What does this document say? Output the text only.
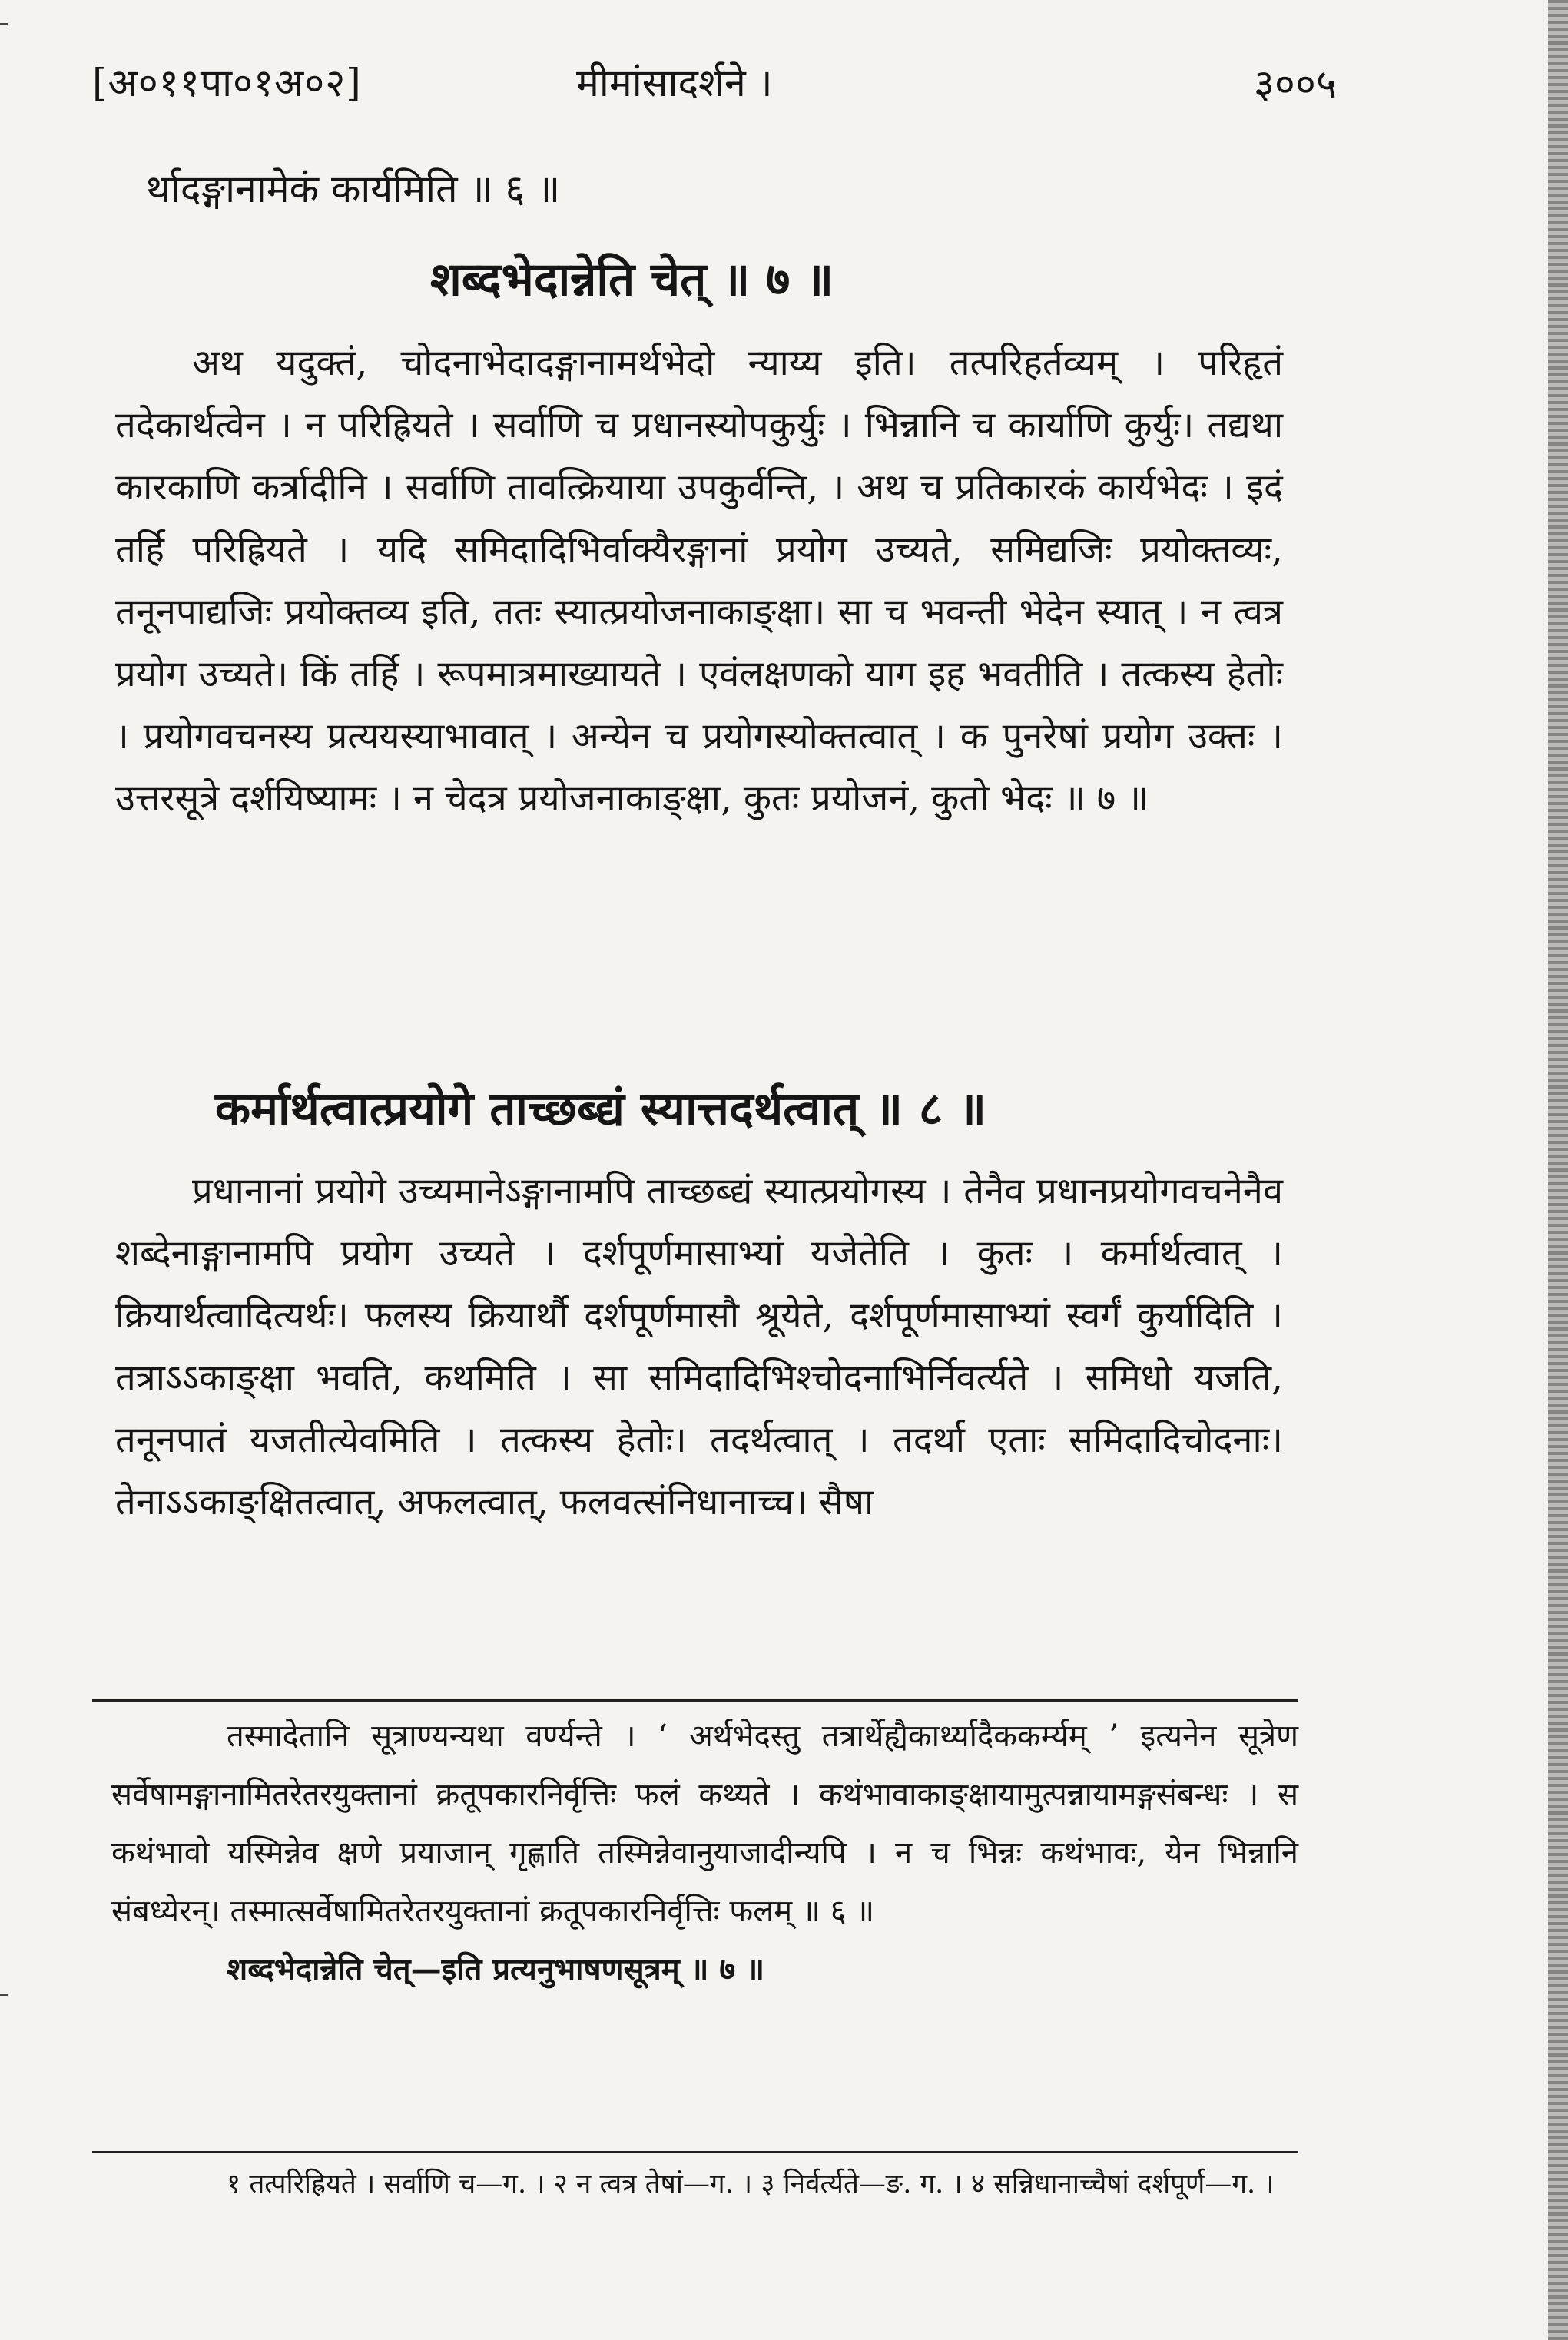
[अ०११पा०१अ०२]	मीमांसादर्शने ।	३००५
र्थादङ्गानामेकं कार्यमिति ॥ ६ ॥
शब्दभेदान्नेति चेत् ॥ ७ ॥
अथ यदुक्तं, चोदनाभेदादङ्गानामर्थभेदो न्याय्य इति। तत्परिहर्तव्यम् । परिहृतं तदेकार्थत्वेन । न परिह्रियते । सर्वाणि च प्रधानस्योपकुर्युः । भिन्नानि च कार्याणि कुर्युः। तद्यथा कारकाणि कर्त्रादीनि । सर्वाणि तावत्क्रियाया उपकुर्वन्ति, । अथ च प्रतिकारकं कार्यभेदः । इदं तर्हि परिह्रियते । यदि समिदादिभिर्वाक्यैरङ्गानां प्रयोग उच्यते, समिद्यजिः प्रयोक्तव्यः, तनूनपाद्यजिः प्रयोक्तव्य इति, ततः स्यात्प्रयोजनाकाङ्क्षा। सा च भवन्ती भेदेन स्यात् । न त्वत्र प्रयोग उच्यते। किं तर्हि । रूपमात्रमाख्यायते । एवंलक्षणको याग इह भवतीति । तत्कस्य हेतोः । प्रयोगवचनस्य प्रत्ययस्याभावात् । अन्येन च प्रयोगस्योक्तत्वात् । क पुनरेषां प्रयोग उक्तः । उत्तरसूत्रे दर्शयिष्यामः । न चेदत्र प्रयोजनाकाङ्क्षा, कुतः प्रयोजनं, कुतो भेदः ॥ ७ ॥
कर्मार्थत्वात्प्रयोगे ताच्छब्द्यं स्यात्तदर्थत्वात् ॥ ८ ॥
प्रधानानां प्रयोगे उच्यमानेऽङ्गानामपि ताच्छब्द्यं स्यात्प्रयोगस्य । तेनैव प्रधानप्रयोगवचनेनैव शब्देनाङ्गानामपि प्रयोग उच्यते । दर्शपूर्णमासाभ्यां यजेतेति । कुतः । कर्मार्थत्वात् । क्रियार्थत्वादित्यर्थः। फलस्य क्रियार्थौ दर्शपूर्णमासौ श्रूयेते, दर्शपूर्णमासाभ्यां स्वर्गं कुर्यादिति । तत्राऽऽकाङ्क्षा भवति, कथमिति । सा समिदादिभिश्चोदनाभिर्निवर्त्यते । समिधो यजति, तनूनपातं यजतीत्येवमिति । तत्कस्य हेतोः। तदर्थत्वात् । तदर्था एताः समिदादिचोदनाः। तेनाऽऽकाङ्क्षितत्वात्, अफलत्वात्, फलवत्संनिधानाच्च। सैषा
तस्मादेतानि सूत्राण्यन्यथा वर्ण्यन्ते । ‘ अर्थभेदस्तु तत्रार्थेह्यैकार्थ्यादैककर्म्यम् ’ इत्यनेन सूत्रेण सर्वेषामङ्गानामितरेतरयुक्तानां क्रतूपकारनिर्वृत्तिः फलं कथ्यते । कथंभावाकाङ्क्षायामुत्पन्नायामङ्गसंबन्धः । स कथंभावो यस्मिन्नेव क्षणे प्रयाजान् गृह्णाति तस्मिन्नेवानुयाजादीन्यपि । न च भिन्नः कथंभावः, येन भिन्नानि संबध्येरन्। तस्मात्सर्वेषामितरेतरयुक्तानां क्रतूपकारनिर्वृत्तिः फलम् ॥ ६ ॥
शब्दभेदान्नेति चेत्—इति प्रत्यनुभाषणसूत्रम् ॥ ७ ॥
१ तत्परिह्रियते । सर्वाणि च—ग. । २ न त्वत्र तेषां—ग. । ३ निर्वर्त्यते—ङ. ग. । ४ सन्निधानाच्चैषां दर्शपूर्ण—ग. ।
